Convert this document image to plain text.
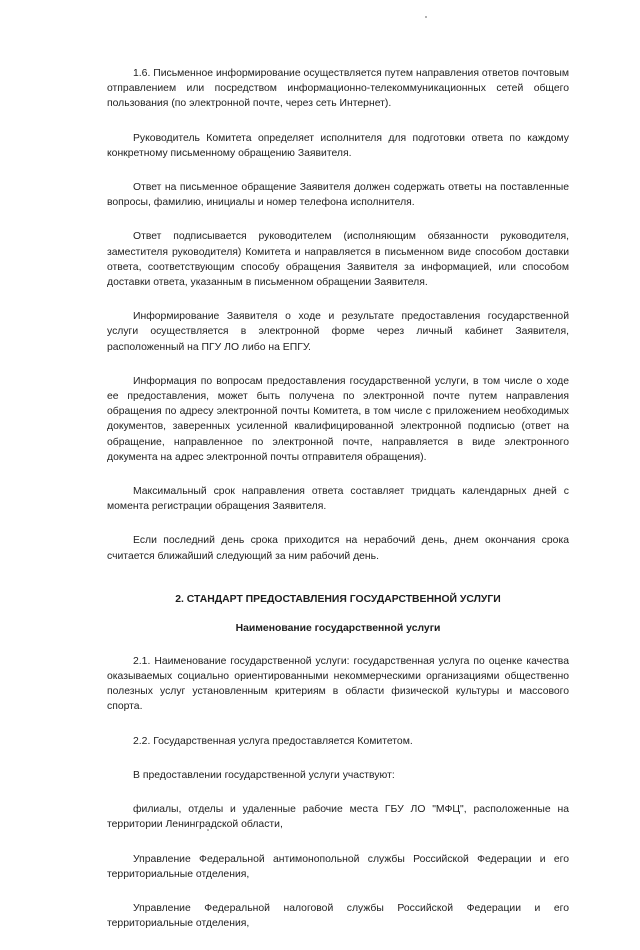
1.6. Письменное информирование осуществляется путем направления ответов почтовым отправлением или посредством информационно-телекоммуникационных сетей общего пользования (по электронной почте, через сеть Интернет).

Руководитель Комитета определяет исполнителя для подготовки ответа по каждому конкретному письменному обращению Заявителя.

Ответ на письменное обращение Заявителя должен содержать ответы на поставленные вопросы, фамилию, инициалы и номер телефона исполнителя.

Ответ подписывается руководителем (исполняющим обязанности руководителя, заместителя руководителя) Комитета и направляется в письменном виде способом доставки ответа, соответствующим способу обращения Заявителя за информацией, или способом доставки ответа, указанным в письменном обращении Заявителя.

Информирование Заявителя о ходе и результате предоставления государственной услуги осуществляется в электронной форме через личный кабинет Заявителя, расположенный на ПГУ ЛО либо на ЕПГУ.

Информация по вопросам предоставления государственной услуги, в том числе о ходе ее предоставления, может быть получена по электронной почте путем направления обращения по адресу электронной почты Комитета, в том числе с приложением необходимых документов, заверенных усиленной квалифицированной электронной подписью (ответ на обращение, направленное по электронной почте, направляется в виде электронного документа на адрес электронной почты отправителя обращения).

Максимальный срок направления ответа составляет тридцать календарных дней с момента регистрации обращения Заявителя.

Если последний день срока приходится на нерабочий день, днем окончания срока считается ближайший следующий за ним рабочий день.

2. СТАНДАРТ ПРЕДОСТАВЛЕНИЯ ГОСУДАРСТВЕННОЙ УСЛУГИ
Наименование государственной услуги

2.1. Наименование государственной услуги: государственная услуга по оценке качества оказываемых социально ориентированными некоммерческими организациями общественно полезных услуг установленным критериям в области физической культуры и массового спорта.

2.2. Государственная услуга предоставляется Комитетом.

В предоставлении государственной услуги участвуют:

филиалы, отделы и удаленные рабочие места ГБУ ЛО "МФЦ", расположенные на территории Ленинградской области,

Управление Федеральной антимонопольной службы Российской Федерации и его территориальные отделения,

Управление Федеральной налоговой службы Российской Федерации и его территориальные отделения,
